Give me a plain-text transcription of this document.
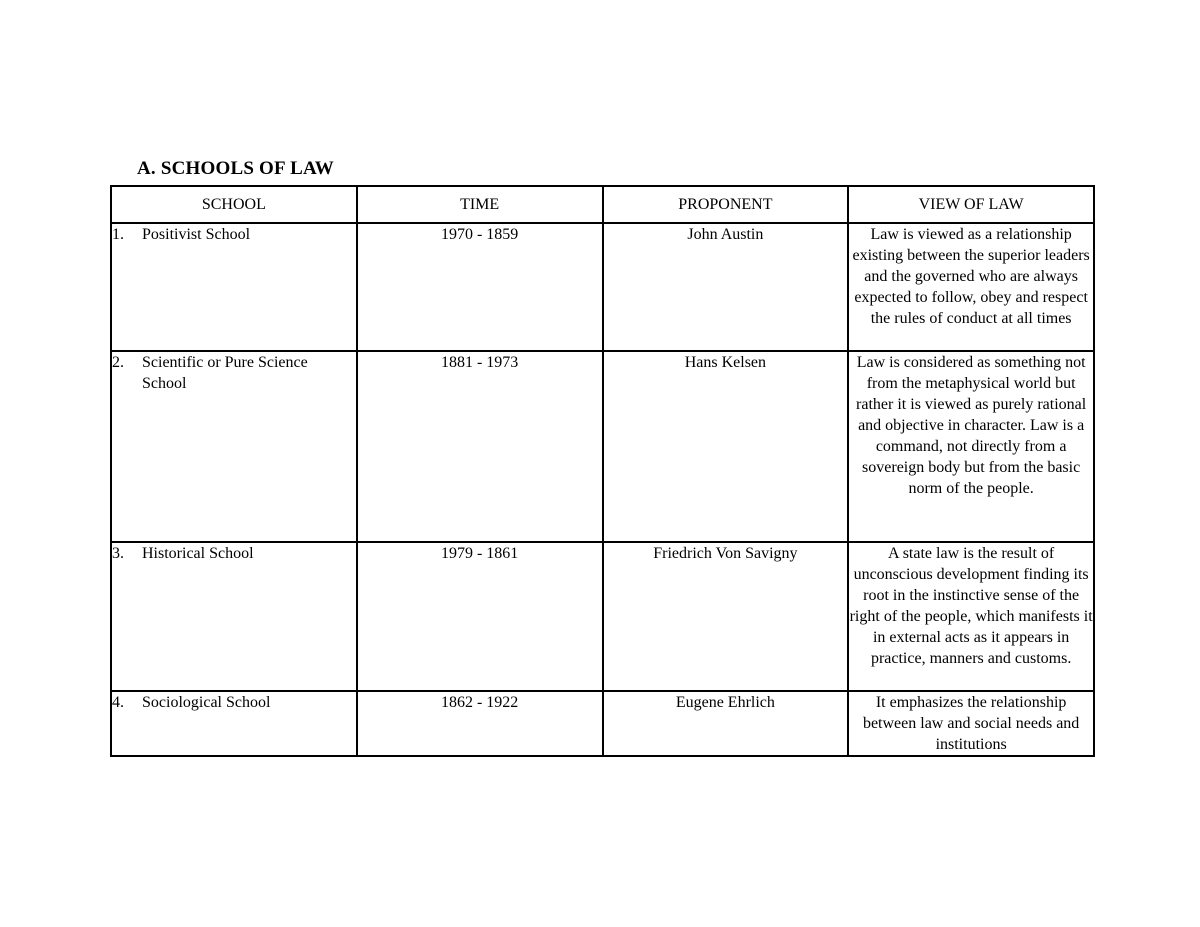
A. SCHOOLS OF LAW
SCHOOL	TIME	PROPONENT	VIEW OF LAW

1. Positivist School	1970 - 1859	John Austin	Law is viewed as a relationship existing between the superior leaders and the governed who are always expected to follow, obey and respect the rules of conduct at all times

2. Scientific or Pure Science School	1881 - 1973	Hans Kelsen	Law is considered as something not from the metaphysical world but rather it is viewed as purely rational and objective in character. Law is a command, not directly from a sovereign body but from the basic norm of the people.

3. Historical School	1979 - 1861	Friedrich Von Savigny	A state law is the result of unconscious development finding its root in the instinctive sense of the right of the people, which manifests it in external acts as it appears in practice, manners and customs.

4. Sociological School	1862 - 1922	Eugene Ehrlich	It emphasizes the relationship between law and social needs and institutions
